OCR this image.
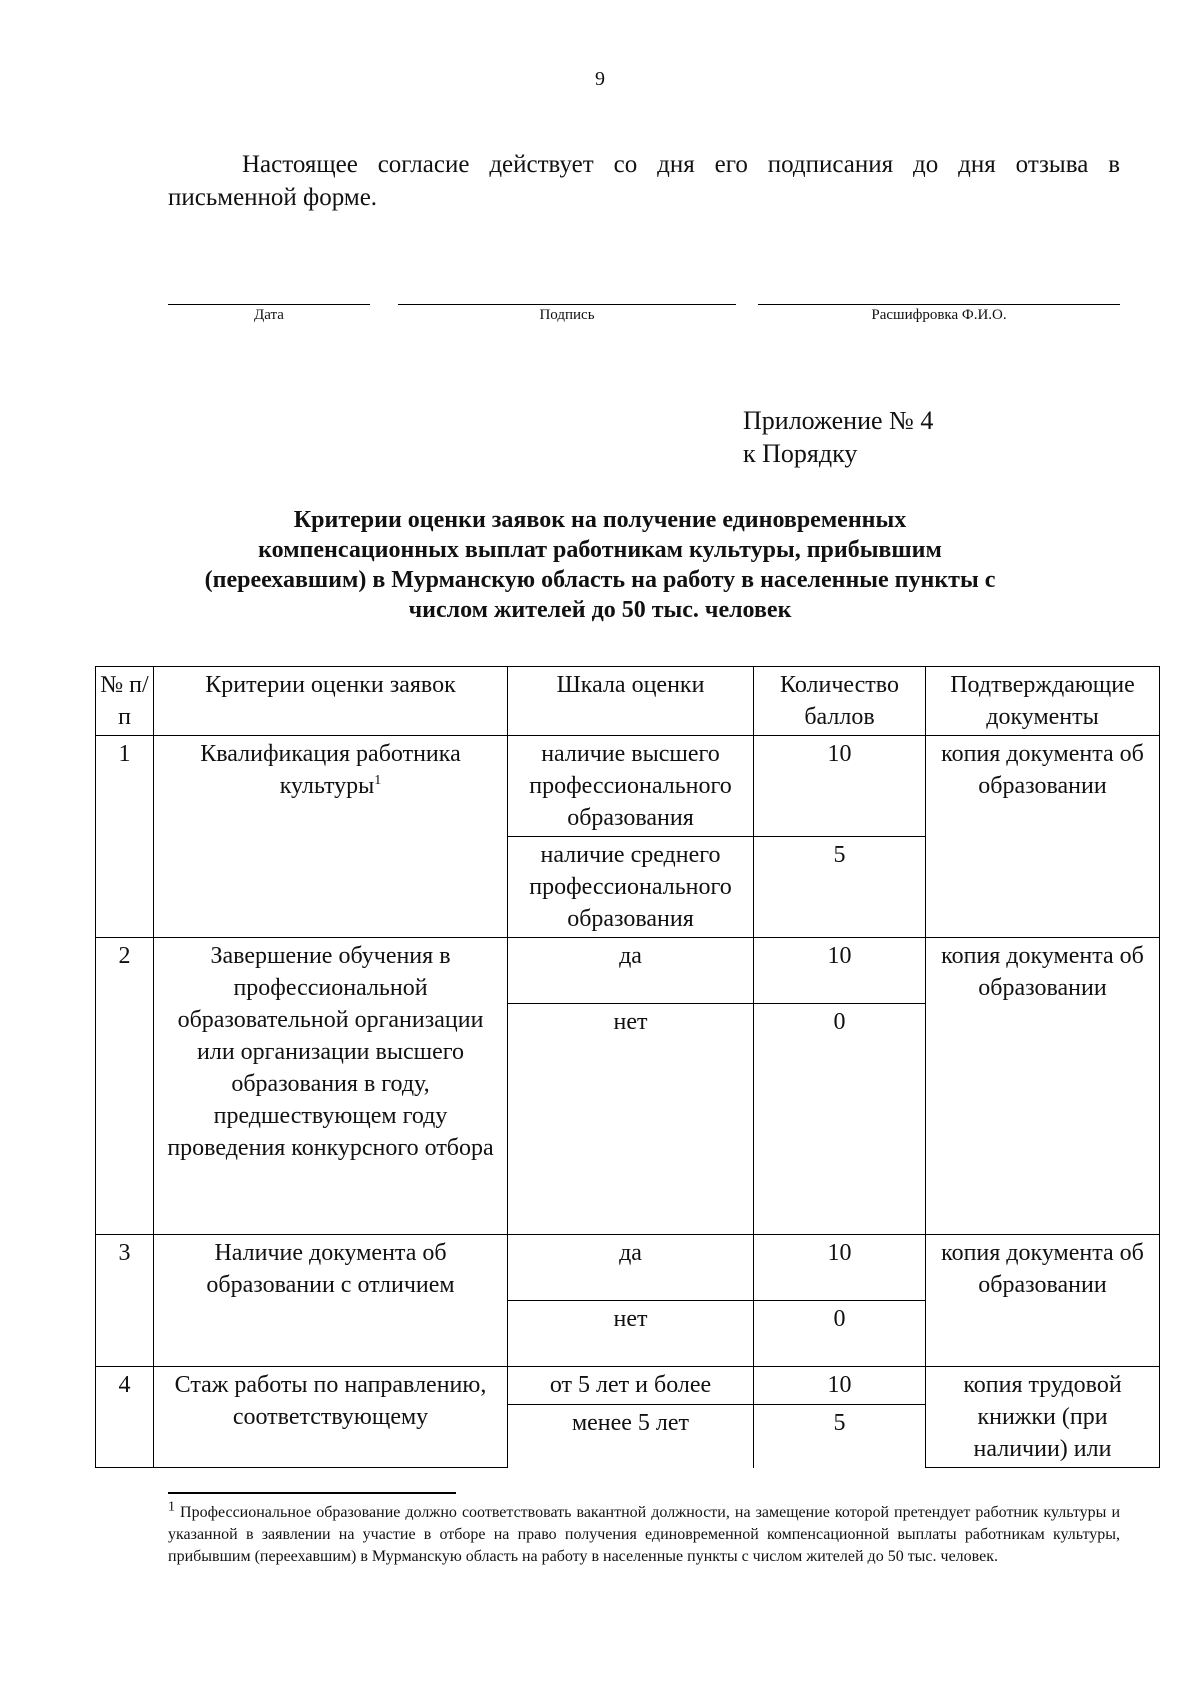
9
Настоящее согласие действует со дня его подписания до дня отзыва в
письменной форме.
Дата	Подпись	Расшифровка Ф.И.О.
Приложение № 4
к Порядку
Критерии оценки заявок на получение единовременных
компенсационных выплат работникам культуры, прибывшим
(переехавшим) в Мурманскую область на работу в населенные пункты с
числом жителей до 50 тыс. человек
№ п/п	Критерии оценки заявок	Шкала оценки	Количество баллов	Подтверждающие документы
1	Квалификация работника культуры$^1$	наличие высшего профессионального образования	10	копия документа об образовании
		наличие среднего профессионального образования	5	
2	Завершение обучения в профессиональной образовательной организации или организации высшего образования в году, предшествующем году проведения конкурсного отбора	да	10	копия документа об образовании
		нет	0	
3	Наличие документа об образовании с отличием	да	10	копия документа об образовании
		нет	0	
4	Стаж работы по направлению, соответствующему	от 5 лет и более	10	копия трудовой книжки (при наличии) или
		менее 5 лет	5	

$^1$ Профессиональное образование должно соответствовать вакантной должности, на замещение которой претендует работник культуры и указанной в заявлении на участие в отборе на право получения единовременной компенсационной выплаты работникам культуры, прибывшим (переехавшим) в Мурманскую область на работу в населенные пункты с числом жителей до 50 тыс. человек.
